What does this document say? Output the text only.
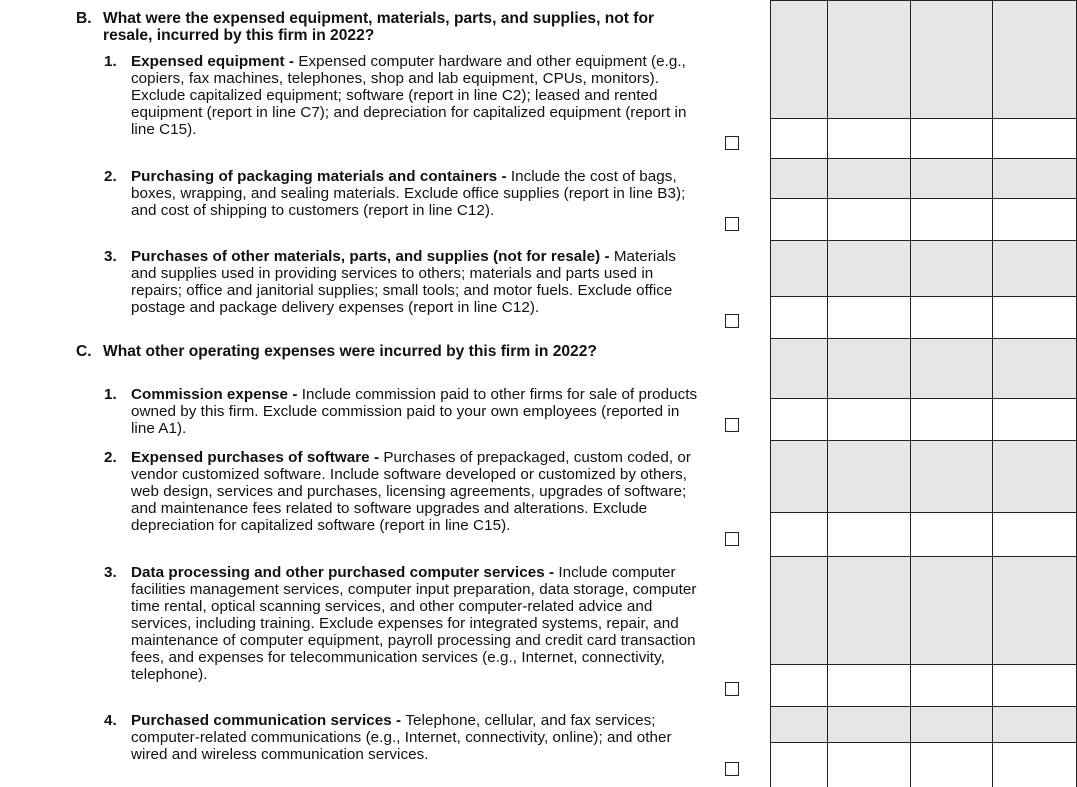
B. What were the expensed equipment, materials, parts, and supplies, not for resale, incurred by this firm in 2022?
1. Expensed equipment - Expensed computer hardware and other equipment (e.g., copiers, fax machines, telephones, shop and lab equipment, CPUs, monitors). Exclude capitalized equipment; software (report in line C2); leased and rented equipment (report in line C7); and depreciation for capitalized equipment (report in line C15).
2. Purchasing of packaging materials and containers - Include the cost of bags, boxes, wrapping, and sealing materials. Exclude office supplies (report in line B3); and cost of shipping to customers (report in line C12).
3. Purchases of other materials, parts, and supplies (not for resale) - Materials and supplies used in providing services to others; materials and parts used in repairs; office and janitorial supplies; small tools; and motor fuels. Exclude office postage and package delivery expenses (report in line C12).
C. What other operating expenses were incurred by this firm in 2022?
1. Commission expense - Include commission paid to other firms for sale of products owned by this firm. Exclude commission paid to your own employees (reported in line A1).
2. Expensed purchases of software - Purchases of prepackaged, custom coded, or vendor customized software. Include software developed or customized by others, web design, services and purchases, licensing agreements, upgrades of software; and maintenance fees related to software upgrades and alterations. Exclude depreciation for capitalized software (report in line C15).
3. Data processing and other purchased computer services - Include computer facilities management services, computer input preparation, data storage, computer time rental, optical scanning services, and other computer-related advice and services, including training. Exclude expenses for integrated systems, repair, and maintenance of computer equipment, payroll processing and credit card transaction fees, and expenses for telecommunication services (e.g., Internet, connectivity, telephone).
4. Purchased communication services - Telephone, cellular, and fax services; computer-related communications (e.g., Internet, connectivity, online); and other wired and wireless communication services.
